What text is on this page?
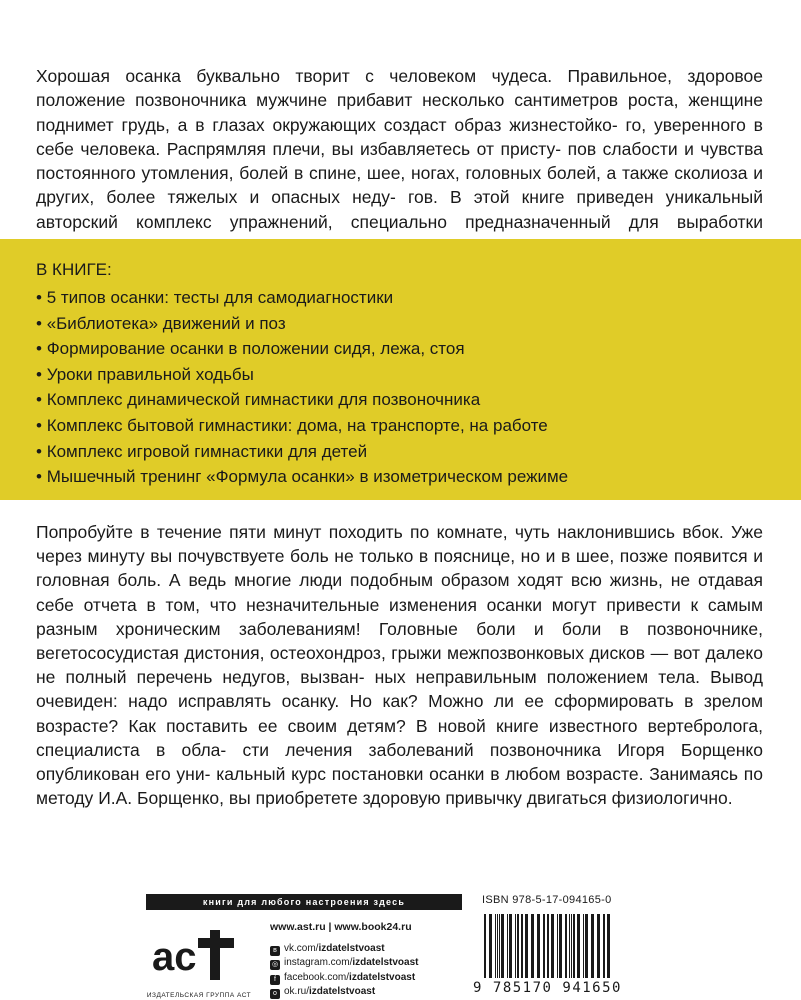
Хорошая осанка буквально творит с человеком чудеса. Правильное, здоровое положение позвоночника мужчине прибавит несколько сантиметров роста, женщине поднимет грудь, а в глазах окружающих создаст образ жизнестойко- го, уверенного в себе человека. Распрямляя плечи, вы избавляетесь от присту- пов слабости и чувства постоянного утомления, болей в спине, шее, ногах, головных болей, а также сколиоза и других, более тяжелых и опасных неду- гов. В этой книге приведен уникальный авторский комплекс упражнений, специально предназначенный для выработки

В КНИГЕ:
• 5 типов осанки: тесты для самодиагностики
• «Библиотека» движений и поз
• Формирование осанки в положении сидя, лежа, стоя
• Уроки правильной ходьбы
• Комплекс динамической гимнастики для позвоночника
• Комплекс бытовой гимнастики: дома, на транспорте, на работе
• Комплекс игровой гимнастики для детей
• Мышечный тренинг «Формула осанки» в изометрическом режиме

Попробуйте в течение пяти минут походить по комнате, чуть наклонившись вбок. Уже через минуту вы почувствуете боль не только в пояснице, но и в шее, позже появится и головная боль. А ведь многие люди подобным образом ходят всю жизнь, не отдавая себе отчета в том, что незначительные изменения осанки могут привести к самым разным хроническим заболеваниям! Головные боли и боли в позвоночнике, вегетососудистая дистония, остеохондроз, грыжи межпозвонковых дисков — вот далеко не полный перечень недугов, вызван- ных неправильным положением тела. Вывод очевиден: надо исправлять осанку. Но как? Можно ли ее сформировать в зрелом возрасте? Как поставить ее своим детям? В новой книге известного вертебролога, специалиста в обла- сти лечения заболеваний позвоночника Игоря Борщенко опубликован его уни- кальный курс постановки осанки в любом возрасте. Занимаясь по методу И.А. Борщенко, вы приобретете здоровую привычку двигаться физиологично.

книги для любого настроения здесь
ac
ИЗДАТЕЛЬСКАЯ ГРУППА АСТ
www.ast.ru | www.book24.ru
в vk.com/izdatelstvoast
◎ instagram.com/izdatelstvoast
f facebook.com/izdatelstvoast
о ok.ru/izdatelstvoast
ISBN 978-5-17-094165-0
9 785170 941650
